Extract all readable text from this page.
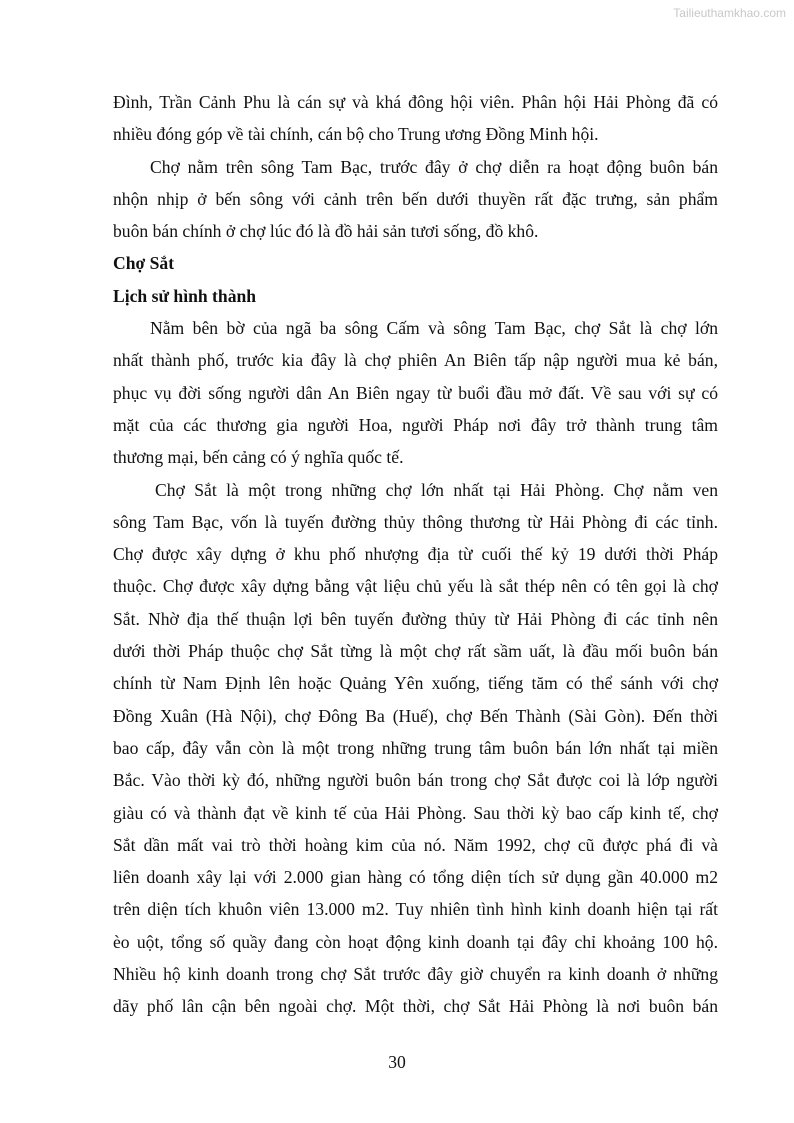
Tailieuthamkhao.com
Đình, Trần Cảnh Phu là cán sự và khá đông hội viên. Phân hội Hải Phòng đã có
nhiều đóng góp về tài chính, cán bộ cho Trung ương Đồng Minh hội.
Chợ nằm trên sông Tam Bạc, trước đây ở chợ diễn ra hoạt động buôn bán
nhộn nhịp ở bến sông với cảnh trên bến dưới thuyền rất đặc trưng, sản phẩm
buôn bán chính ở chợ lúc đó là đồ hải sản tươi sống, đồ khô.
Chợ Sắt
Lịch sử hình thành
Nằm bên bờ của ngã ba sông Cấm và sông Tam Bạc, chợ Sắt là chợ lớn
nhất thành phố, trước kia đây là chợ phiên An Biên tấp nập người mua kẻ bán,
phục vụ đời sống người dân An Biên ngay từ buổi đầu mở đất. Về sau với sự có
mặt của các thương gia người Hoa, người Pháp nơi đây trở thành trung tâm
thương mại, bến cảng có ý nghĩa quốc tế.
Chợ Sắt là một trong những chợ lớn nhất tại Hải Phòng. Chợ nằm ven
sông Tam Bạc, vốn là tuyến đường thủy thông thương từ Hải Phòng đi các tỉnh.
Chợ được xây dựng ở khu phố nhượng địa từ cuối thế kỷ 19 dưới thời Pháp
thuộc. Chợ được xây dựng bằng vật liệu chủ yếu là sắt thép nên có tên gọi là chợ
Sắt. Nhờ địa thế thuận lợi bên tuyến đường thủy từ Hải Phòng đi các tỉnh nên
dưới thời Pháp thuộc chợ Sắt từng là một chợ rất sầm uất, là đầu mối buôn bán
chính từ Nam Định lên hoặc Quảng Yên xuống, tiếng tăm có thể sánh với chợ
Đồng Xuân (Hà Nội), chợ Đông Ba (Huế), chợ Bến Thành (Sài Gòn). Đến thời
bao cấp, đây vẫn còn là một trong những trung tâm buôn bán lớn nhất tại miền
Bắc. Vào thời kỳ đó, những người buôn bán trong chợ Sắt được coi là lớp người
giàu có và thành đạt về kinh tế của Hải Phòng. Sau thời kỳ bao cấp kinh tế, chợ
Sắt dần mất vai trò thời hoàng kim của nó. Năm 1992, chợ cũ được phá đi và
liên doanh xây lại với 2.000 gian hàng có tổng diện tích sử dụng gần 40.000 m2
trên diện tích khuôn viên 13.000 m2. Tuy nhiên tình hình kinh doanh hiện tại rất
èo uột, tổng số quầy đang còn hoạt động kinh doanh tại đây chỉ khoảng 100 hộ.
Nhiều hộ kinh doanh trong chợ Sắt trước đây giờ chuyển ra kinh doanh ở những
dãy phố lân cận bên ngoài chợ. Một thời, chợ Sắt Hải Phòng là nơi buôn bán
30
